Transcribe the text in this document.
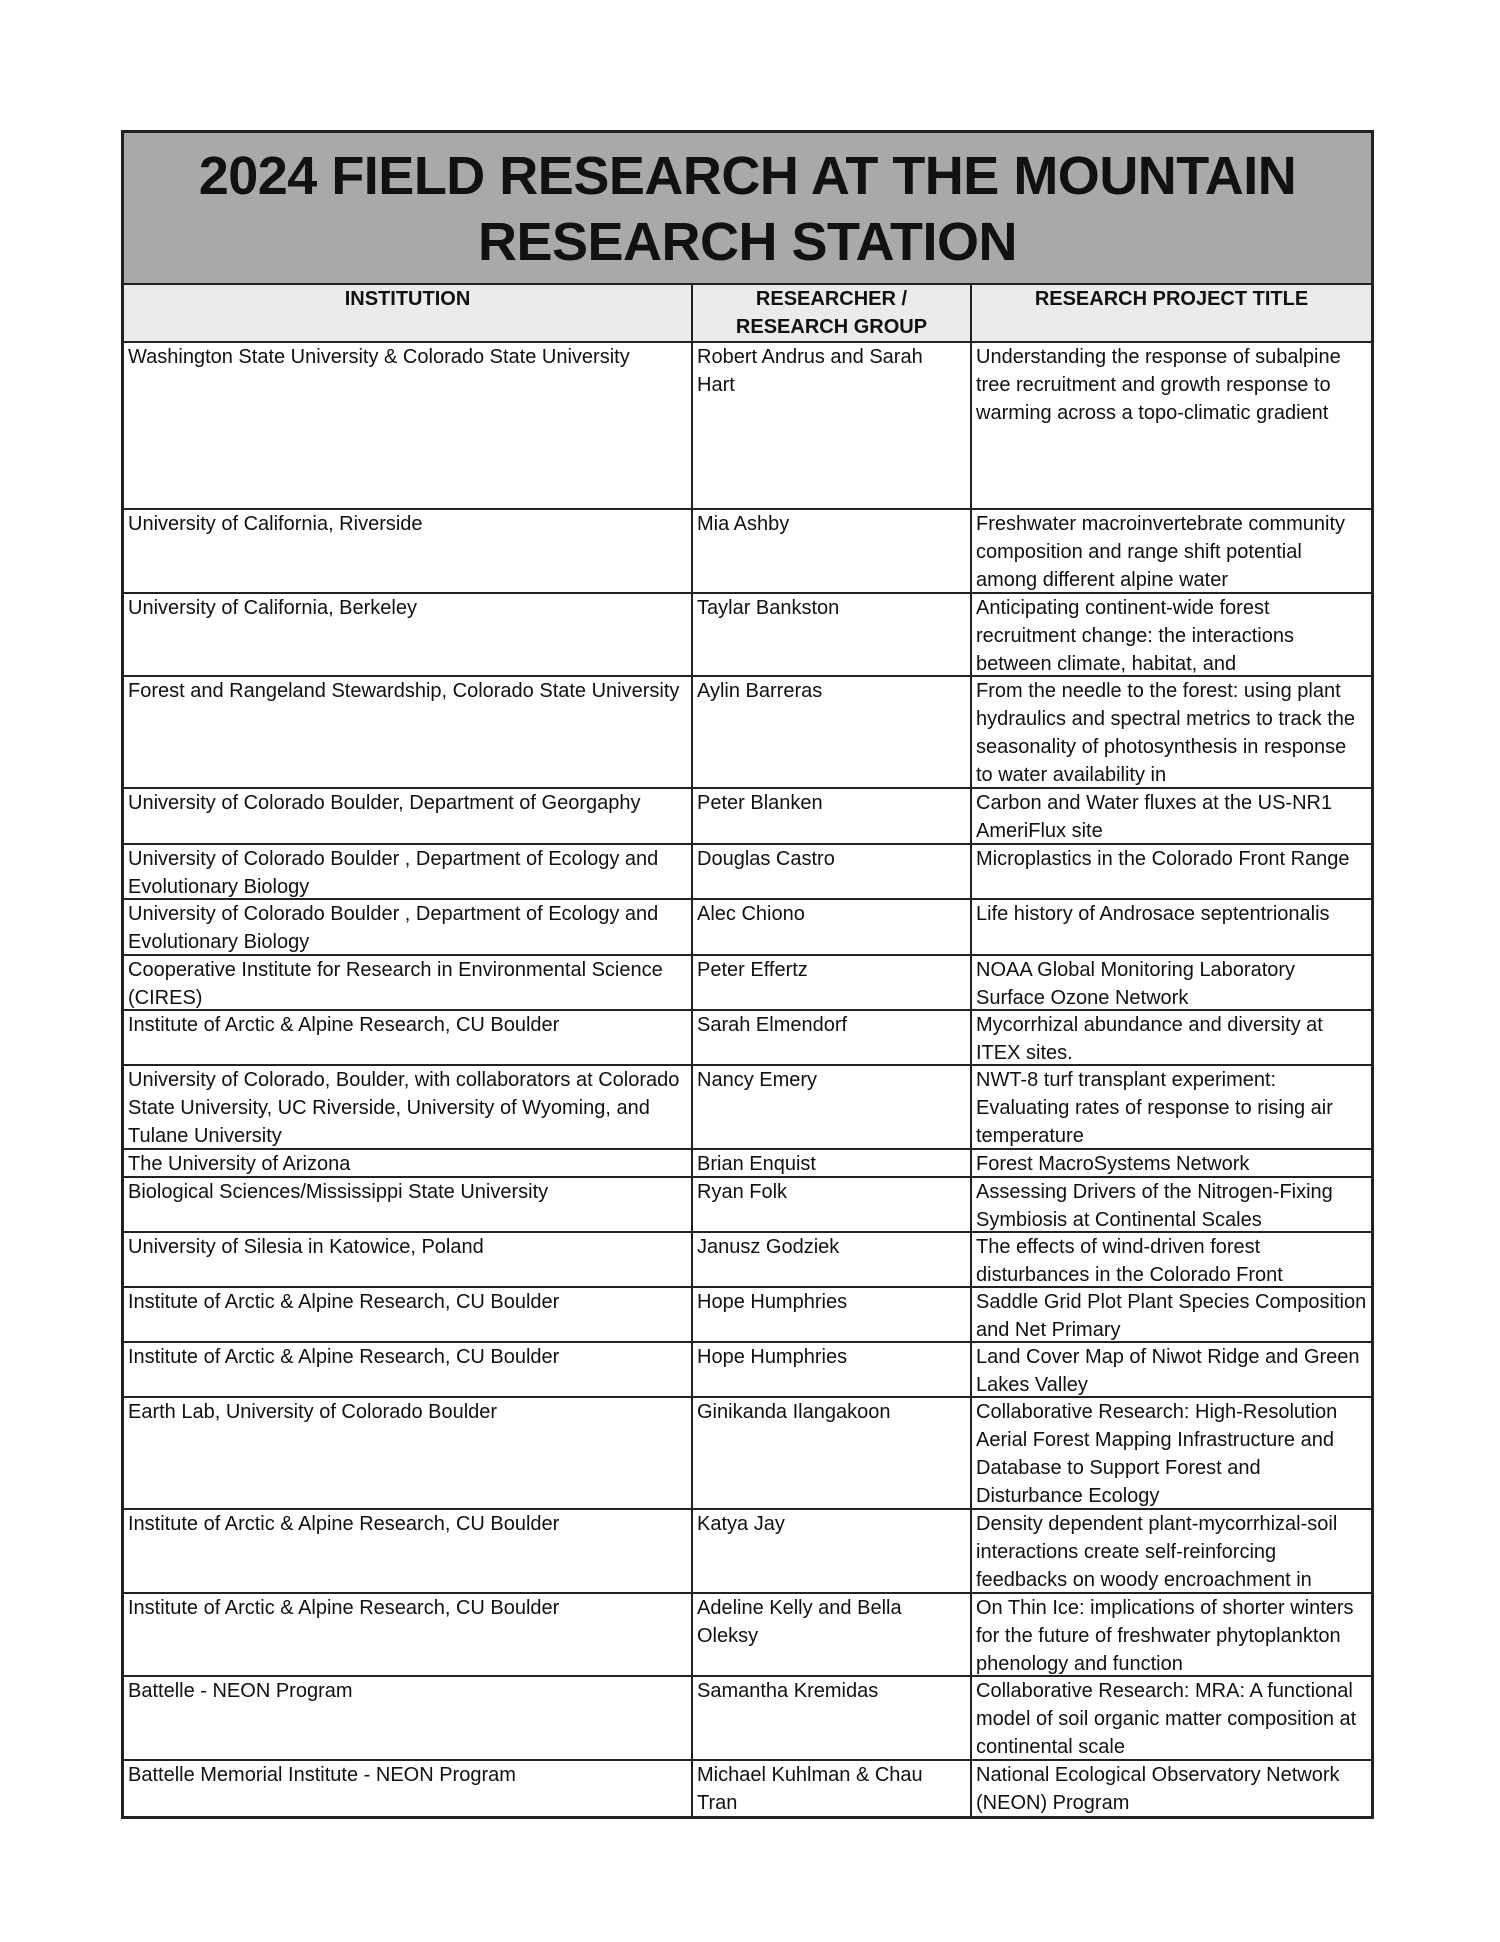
2024 FIELD RESEARCH AT THE MOUNTAIN RESEARCH STATION
INSTITUTION	RESEARCHER / RESEARCH GROUP	RESEARCH PROJECT TITLE

Washington State University & Colorado State University	Robert Andrus and Sarah Hart	Understanding the response of subalpine tree recruitment and growth response to warming across a topo-climatic gradient

University of California, Riverside	Mia Ashby	Freshwater macroinvertebrate community composition and range shift potential among different alpine water

University of California, Berkeley	Taylar Bankston	Anticipating continent-wide forest recruitment change: the interactions between climate, habitat, and

Forest and Rangeland Stewardship, Colorado State University	Aylin Barreras	From the needle to the forest: using plant hydraulics and spectral metrics to track the seasonality of photosynthesis in response to water availability in

University of Colorado Boulder, Department of Georgaphy	Peter Blanken	Carbon and Water fluxes at the US-NR1 AmeriFlux site

University of Colorado Boulder , Department of Ecology and Evolutionary Biology	Douglas Castro	Microplastics in the Colorado Front Range

University of Colorado Boulder , Department of Ecology and Evolutionary Biology	Alec Chiono	Life history of Androsace septentrionalis

Cooperative Institute for Research in Environmental Science (CIRES)	Peter Effertz	NOAA Global Monitoring Laboratory Surface Ozone Network

Institute of Arctic & Alpine Research, CU Boulder	Sarah Elmendorf	Mycorrhizal abundance and diversity at ITEX sites.

University of Colorado, Boulder, with collaborators at Colorado State University, UC Riverside, University of Wyoming, and Tulane University	Nancy Emery	NWT-8 turf transplant experiment: Evaluating rates of response to rising air temperature

The University of Arizona	Brian Enquist	Forest MacroSystems Network

Biological Sciences/Mississippi State University	Ryan Folk	Assessing Drivers of the Nitrogen-Fixing Symbiosis at Continental Scales

University of Silesia in Katowice, Poland	Janusz Godziek	The effects of wind-driven forest disturbances in the Colorado Front

Institute of Arctic & Alpine Research, CU Boulder	Hope Humphries	Saddle Grid Plot Plant Species Composition and Net Primary

Institute of Arctic & Alpine Research, CU Boulder	Hope Humphries	Land Cover Map of Niwot Ridge and Green Lakes Valley

Earth Lab, University of Colorado Boulder	Ginikanda Ilangakoon	Collaborative Research: High-Resolution Aerial Forest Mapping Infrastructure and Database to Support Forest and Disturbance Ecology

Institute of Arctic & Alpine Research, CU Boulder	Katya Jay	Density dependent plant-mycorrhizal-soil interactions create self-reinforcing feedbacks on woody encroachment in

Institute of Arctic & Alpine Research, CU Boulder	Adeline Kelly and Bella Oleksy	On Thin Ice: implications of shorter winters for the future of freshwater phytoplankton phenology and function

Battelle - NEON Program	Samantha Kremidas	Collaborative Research: MRA: A functional model of soil organic matter composition at continental scale

Battelle Memorial Institute - NEON Program	Michael Kuhlman & Chau Tran	National Ecological Observatory Network (NEON) Program
